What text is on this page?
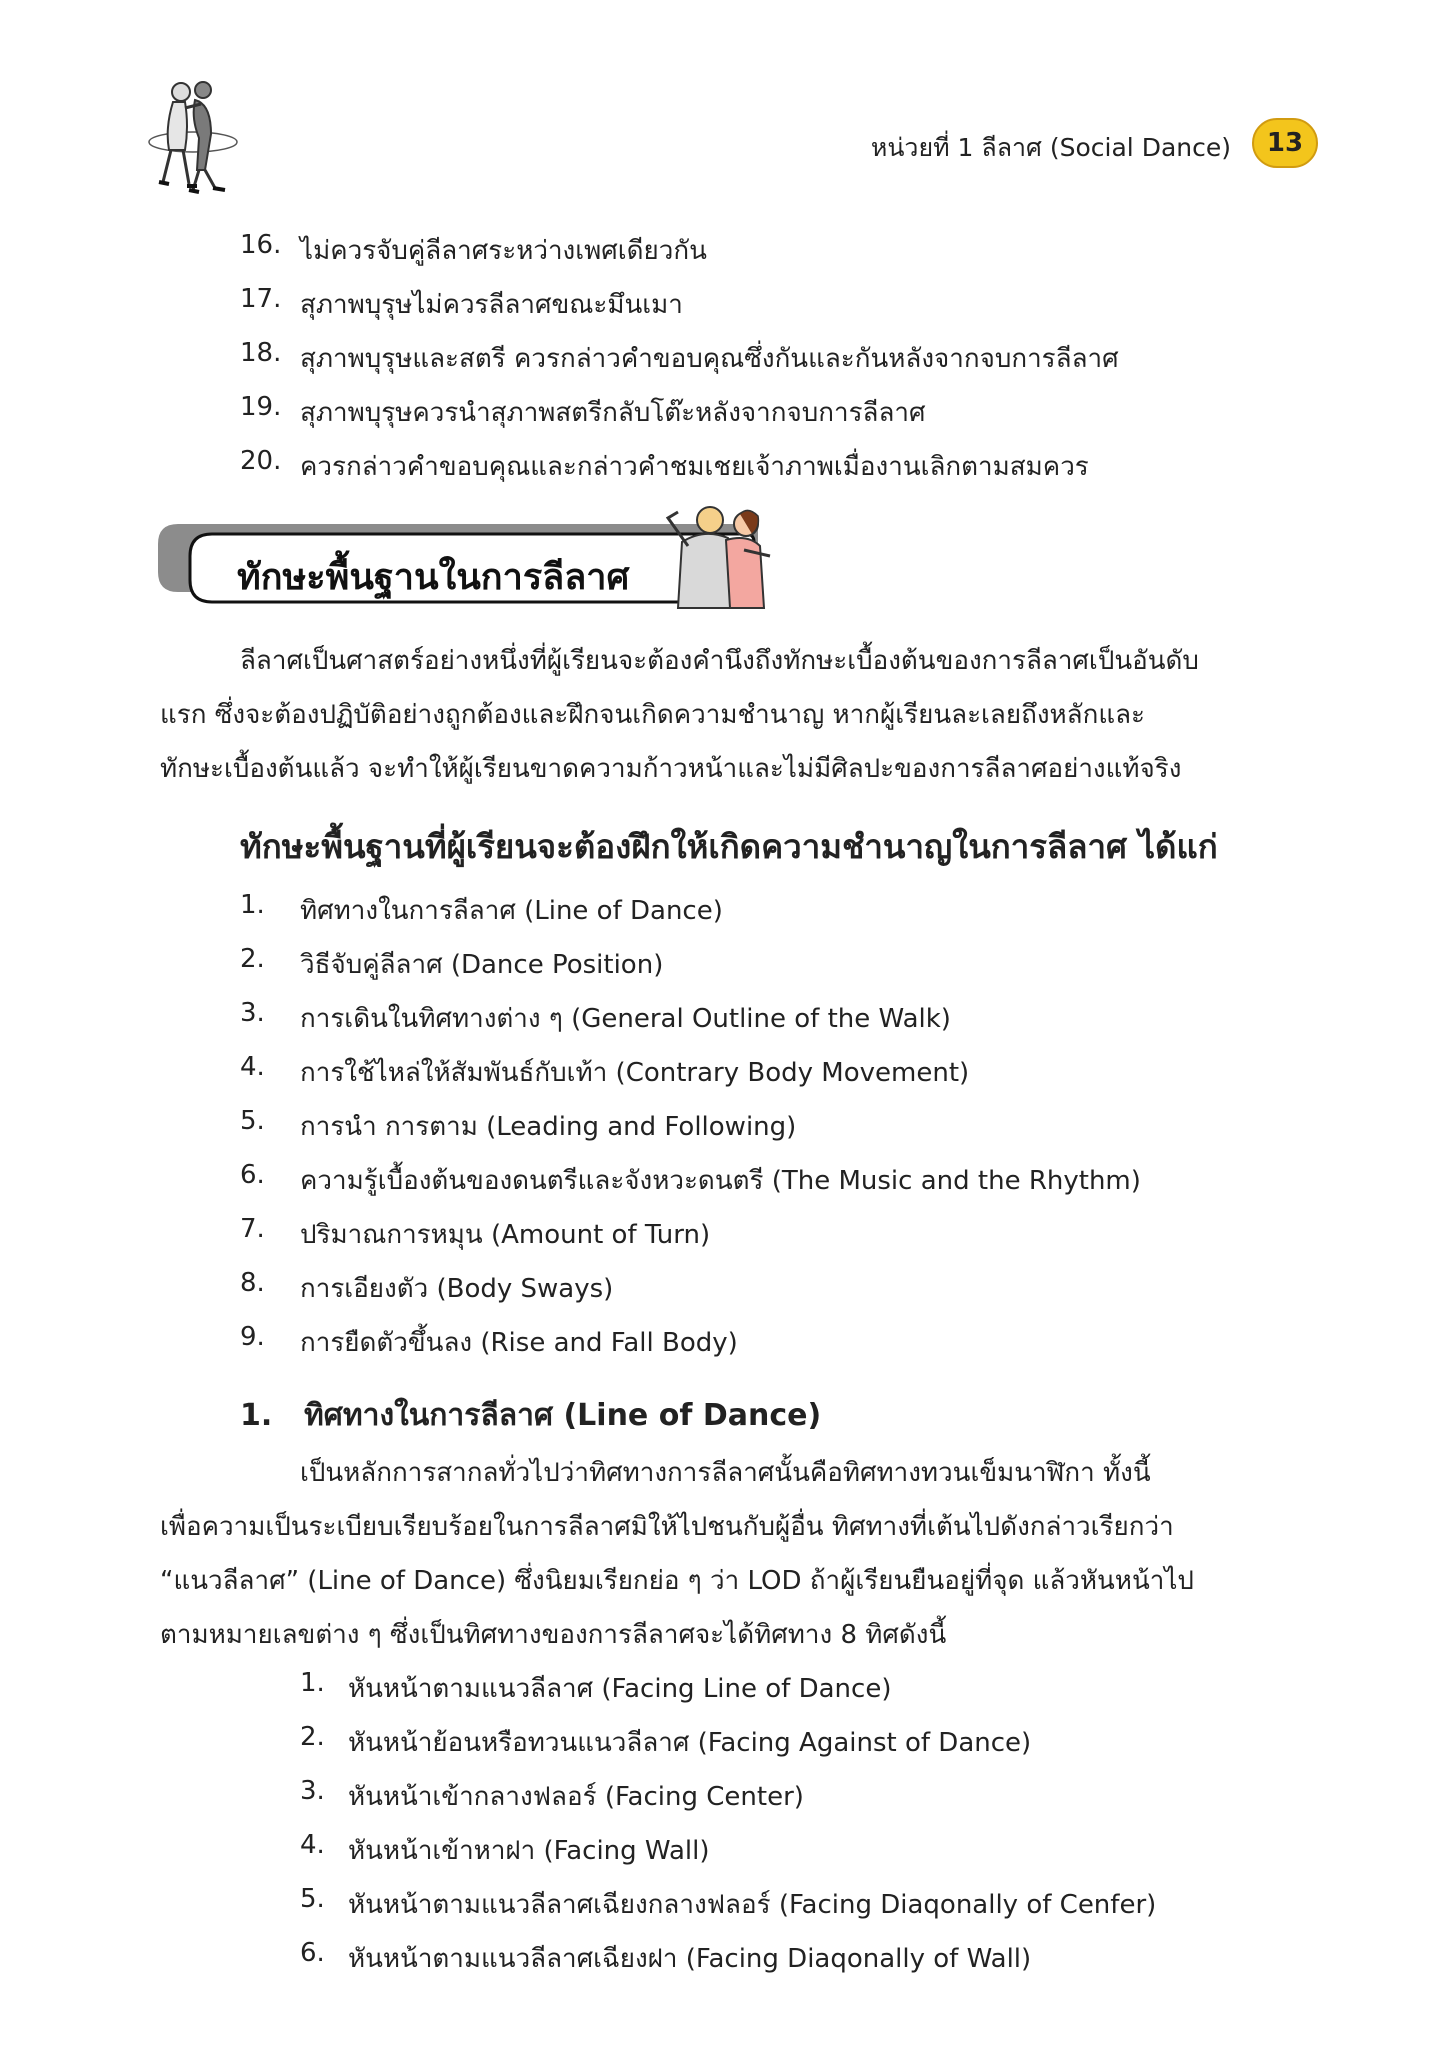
หน่วยที่ 1 ลีลาศ (Social Dance)	13
16. ไม่ควรจับคู่ลีลาศระหว่างเพศเดียวกัน
17. สุภาพบุรุษไม่ควรลีลาศขณะมึนเมา
18. สุภาพบุรุษและสตรี ควรกล่าวคำขอบคุณซึ่งกันและกันหลังจากจบการลีลาศ
19. สุภาพบุรุษควรนำสุภาพสตรีกลับโต๊ะหลังจากจบการลีลาศ
20. ควรกล่าวคำขอบคุณและกล่าวคำชมเชยเจ้าภาพเมื่องานเลิกตามสมควร
ทักษะพื้นฐานในการลีลาศ
ลีลาศเป็นศาสตร์อย่างหนึ่งที่ผู้เรียนจะต้องคำนึงถึงทักษะเบื้องต้นของการลีลาศเป็นอันดับ
แรก ซึ่งจะต้องปฏิบัติอย่างถูกต้องและฝึกจนเกิดความชำนาญ หากผู้เรียนละเลยถึงหลักและ
ทักษะเบื้องต้นแล้ว จะทำให้ผู้เรียนขาดความก้าวหน้าและไม่มีศิลปะของการลีลาศอย่างแท้จริง
ทักษะพื้นฐานที่ผู้เรียนจะต้องฝึกให้เกิดความชำนาญในการลีลาศ ได้แก่
1. ทิศทางในการลีลาศ (Line of Dance)
2. วิธีจับคู่ลีลาศ (Dance Position)
3. การเดินในทิศทางต่าง ๆ (General Outline of the Walk)
4. การใช้ไหล่ให้สัมพันธ์กับเท้า (Contrary Body Movement)
5. การนำ การตาม (Leading and Following)
6. ความรู้เบื้องต้นของดนตรีและจังหวะดนตรี (The Music and the Rhythm)
7. ปริมาณการหมุน (Amount of Turn)
8. การเอียงตัว (Body Sways)
9. การยืดตัวขึ้นลง (Rise and Fall Body)
1. ทิศทางในการลีลาศ (Line of Dance)
เป็นหลักการสากลทั่วไปว่าทิศทางการลีลาศนั้นคือทิศทางทวนเข็มนาฬิกา ทั้งนี้
เพื่อความเป็นระเบียบเรียบร้อยในการลีลาศมิให้ไปชนกับผู้อื่น ทิศทางที่เต้นไปดังกล่าวเรียกว่า
“แนวลีลาศ” (Line of Dance) ซึ่งนิยมเรียกย่อ ๆ ว่า LOD ถ้าผู้เรียนยืนอยู่ที่จุด แล้วหันหน้าไป
ตามหมายเลขต่าง ๆ ซึ่งเป็นทิศทางของการลีลาศจะได้ทิศทาง 8 ทิศดังนี้
1. หันหน้าตามแนวลีลาศ (Facing Line of Dance)
2. หันหน้าย้อนหรือทวนแนวลีลาศ (Facing Against of Dance)
3. หันหน้าเข้ากลางฟลอร์ (Facing Center)
4. หันหน้าเข้าหาฝา (Facing Wall)
5. หันหน้าตามแนวลีลาศเฉียงกลางฟลอร์ (Facing Diaqonally of Cenfer)
6. หันหน้าตามแนวลีลาศเฉียงฝา (Facing Diaqonally of Wall)
